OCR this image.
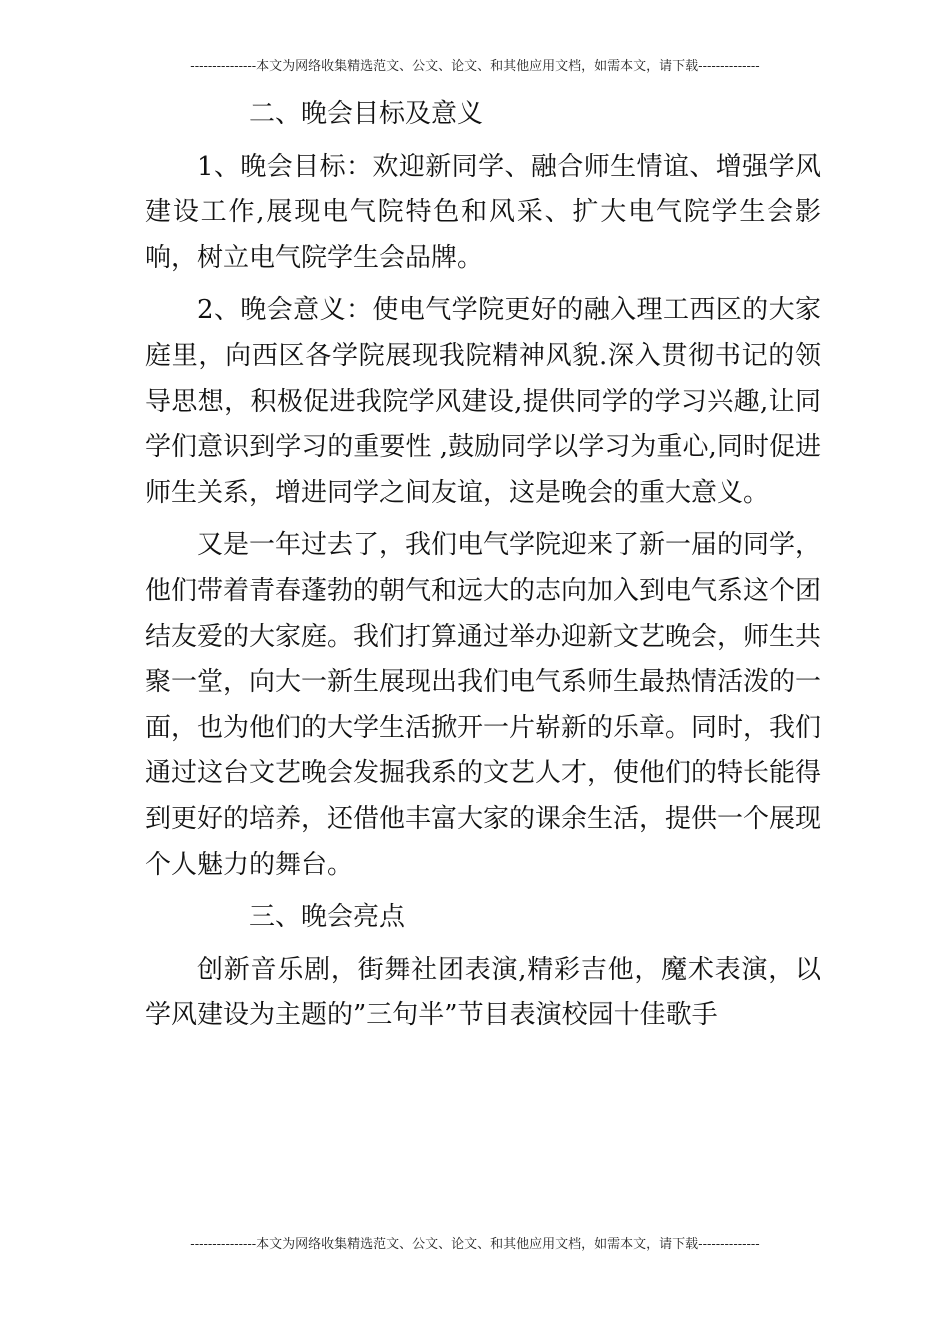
---------------本文为网络收集精选范文、公文、论文、和其他应用文档，如需本文，请下载--------------

二、晚会目标及意义

1、晚会目标：欢迎新同学、融合师生情谊、增强学风建设工作,展现电气院特色和风采、扩大电气院学生会影响，树立电气院学生会品牌。

2、晚会意义：使电气学院更好的融入理工西区的大家庭里，向西区各学院展现我院精神风貌.深入贯彻书记的领导思想，积极促进我院学风建设,提供同学的学习兴趣,让同学们意识到学习的重要性 ,鼓励同学以学习为重心,同时促进师生关系，增进同学之间友谊，这是晚会的重大意义。

又是一年过去了，我们电气学院迎来了新一届的同学，他们带着青春蓬勃的朝气和远大的志向加入到电气系这个团结友爱的大家庭。我们打算通过举办迎新文艺晚会，师生共聚一堂，向大一新生展现出我们电气系师生最热情活泼的一面，也为他们的大学生活掀开一片崭新的乐章。同时，我们通过这台文艺晚会发掘我系的文艺人才，使他们的特长能得到更好的培养，还借他丰富大家的课余生活，提供一个展现个人魅力的舞台。

三、晚会亮点

创新音乐剧，街舞社团表演,精彩吉他，魔术表演，以学风建设为主题的”三句半”节目表演校园十佳歌手

---------------本文为网络收集精选范文、公文、论文、和其他应用文档，如需本文，请下载--------------
